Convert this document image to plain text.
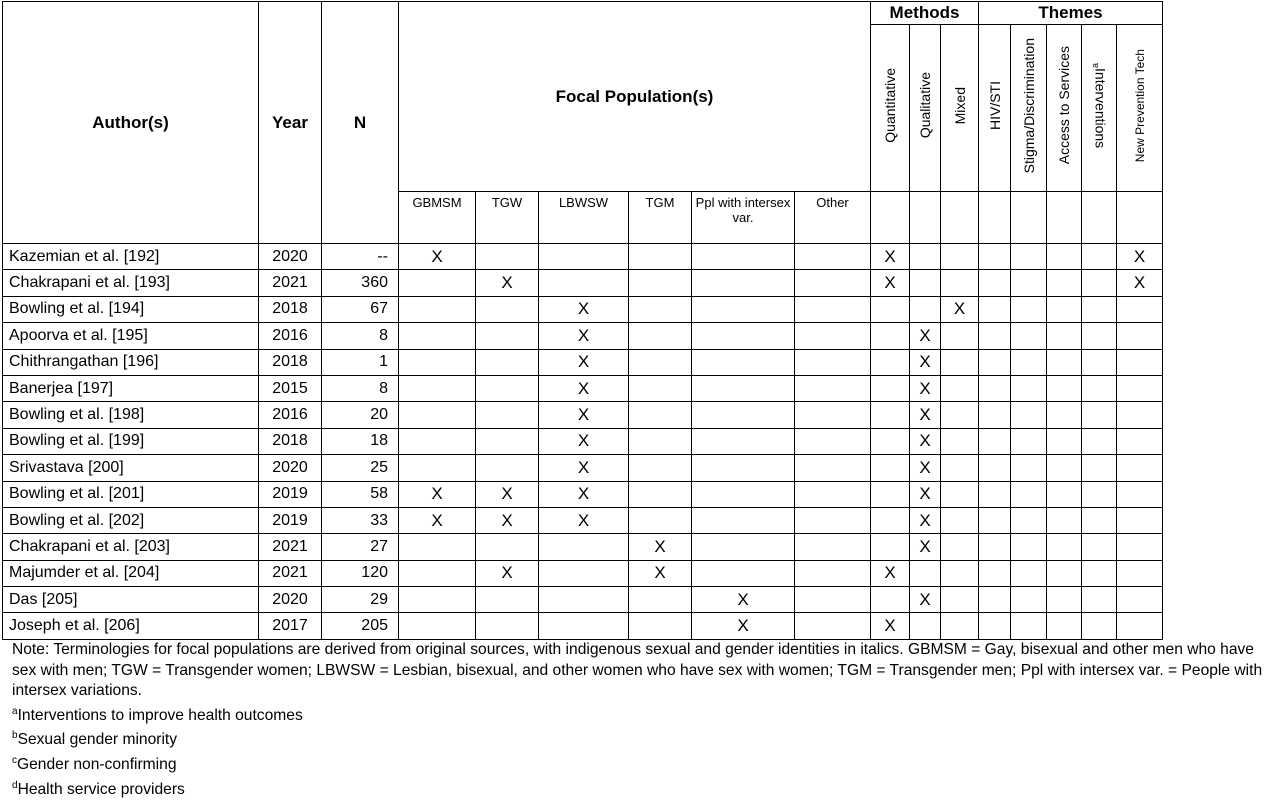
Author(s)	Year	N	Focal Population(s)						Methods			Themes				
									Quantitative	Qualitative	Mixed	HIV/STI	Stigma/Discrimination	Access to Services	Interventions$^a$	New Prevention Tech
			GBMSM	TGW	LBWSW	TGM	Ppl with intersex var.	Other								
Kazemian et al. [192]	2020	--	X						X							X
Chakrapani et al. [193]	2021	360		X					X							X
Bowling et al. [194]	2018	67			X						X					
Apoorva et al. [195]	2016	8			X					X						
Chithrangathan [196]	2018	1			X					X						
Banerjea [197]	2015	8			X					X						
Bowling et al. [198]	2016	20			X					X						
Bowling et al. [199]	2018	18			X					X						
Srivastava [200]	2020	25			X					X						
Bowling et al. [201]	2019	58	X	X	X					X						
Bowling et al. [202]	2019	33	X	X	X					X						
Chakrapani et al. [203]	2021	27				X				X						
Majumder et al. [204]	2021	120		X		X			X							
Das [205]	2020	29					X			X						
Joseph et al. [206]	2017	205					X		X							

Note: Terminologies for focal populations are derived from original sources, with indigenous sexual and gender identities in italics. GBMSM = Gay, bisexual and other men who have sex with men; TGW = Transgender women; LBWSW = Lesbian, bisexual, and other women who have sex with women; TGM = Transgender men; Ppl with intersex var. = People with intersex variations.

$^a$Interventions to improve health outcomes

$^b$Sexual gender minority

$^c$Gender non-confirming

$^d$Health service providers
